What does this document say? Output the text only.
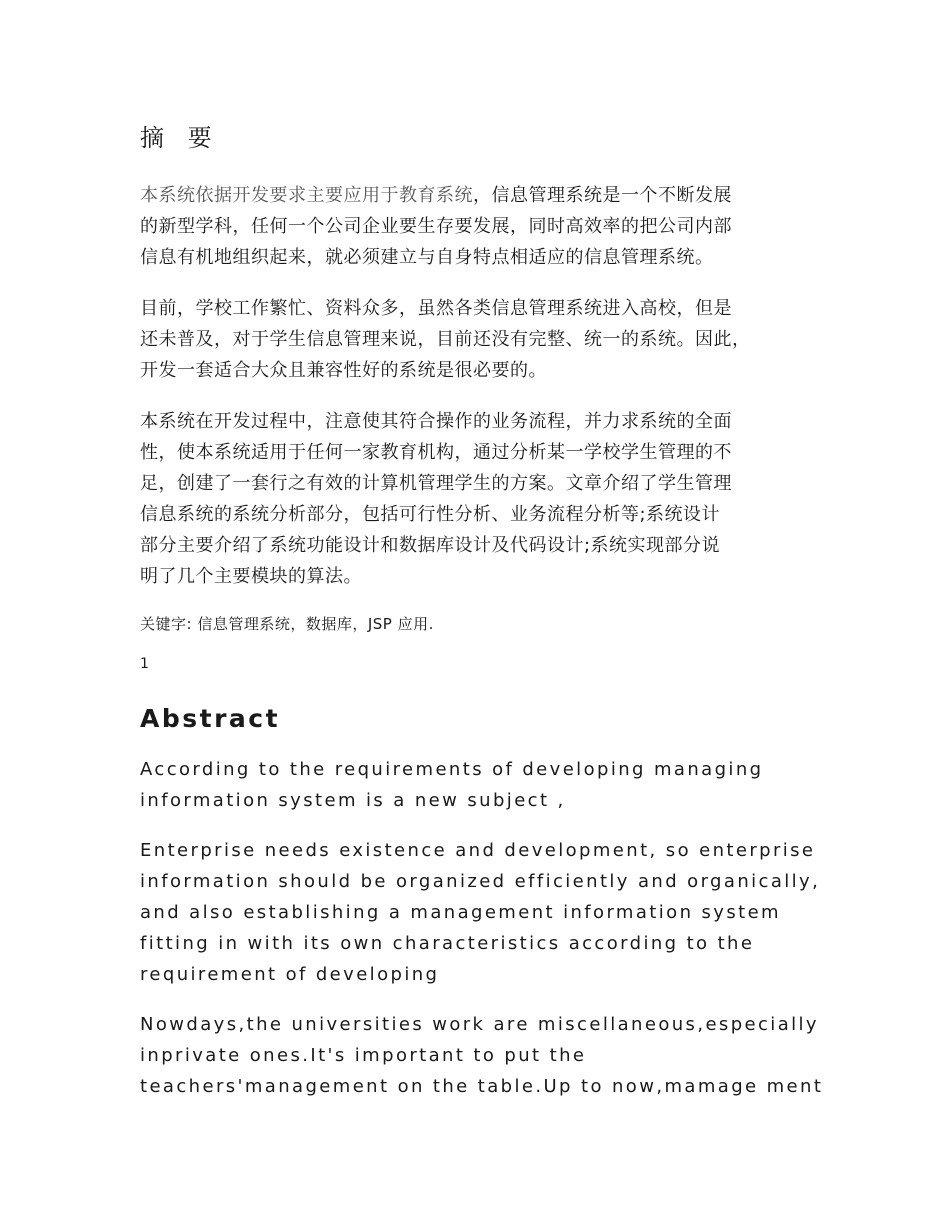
摘 要

本系统依据开发要求主要应用于教育系统，信息管理系统是一个不断发展
的新型学科，任何一个公司企业要生存要发展，同时高效率的把公司内部
信息有机地组织起来，就必须建立与自身特点相适应的信息管理系统。

目前，学校工作繁忙、资料众多，虽然各类信息管理系统进入高校，但是
还未普及，对于学生信息管理来说，目前还没有完整、统一的系统。因此，
开发一套适合大众且兼容性好的系统是很必要的。

本系统在开发过程中，注意使其符合操作的业务流程，并力求系统的全面
性，使本系统适用于任何一家教育机构，通过分析某一学校学生管理的不
足，创建了一套行之有效的计算机管理学生的方案。文章介绍了学生管理
信息系统的系统分析部分，包括可行性分析、业务流程分析等;系统设计
部分主要介绍了系统功能设计和数据库设计及代码设计;系统实现部分说
明了几个主要模块的算法。

关键字: 信息管理系统，数据库，JSP 应用.

1

Abstract

According to the requirements of developing managing
information system is a new subject ,

Enterprise needs existence and development, so enterprise
information should be organized efficiently and organically,
and also establishing a management information system
fitting in with its own characteristics according to the
requirement of developing

Nowdays,the universities work are miscellaneous,especially
inprivate ones.It's important to put the
teachers'management on the table.Up to now,mamage ment
